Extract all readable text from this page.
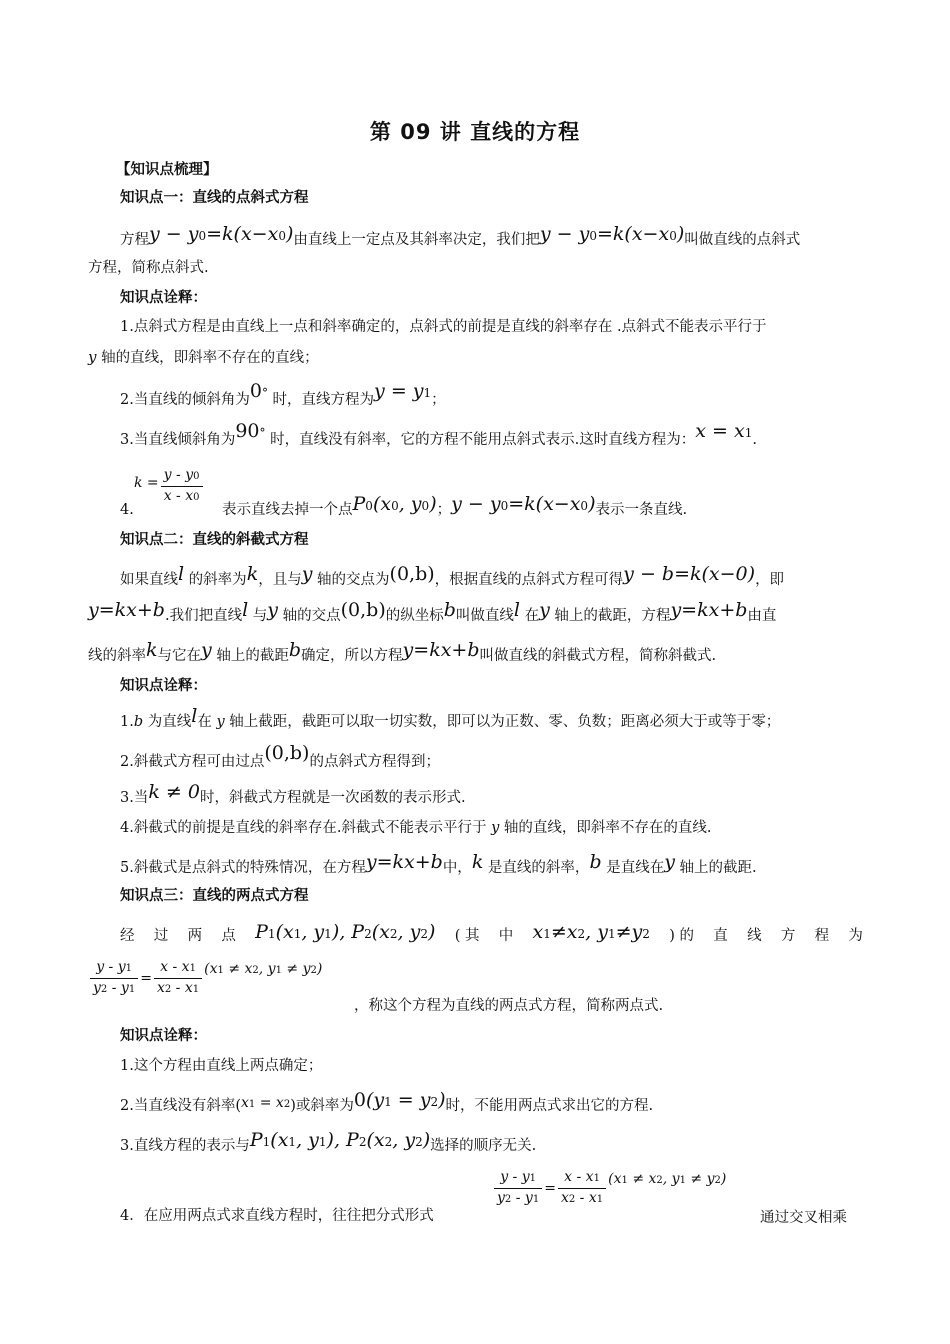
第 09 讲 直线的方程
【知识点梳理】
知识点一：直线的点斜式方程
方程y − y0=k(x−x0)由直线上一定点及其斜率决定，我们把y − y0=k(x−x0)叫做直线的点斜式
方程，简称点斜式.
知识点诠释：
1.点斜式方程是由直线上一点和斜率确定的，点斜式的前提是直线的斜率存在 .点斜式不能表示平行于
y 轴的直线，即斜率不存在的直线；
2.当直线的倾斜角为0° 时，直线方程为y = y1；
3.当直线倾斜角为90° 时，直线没有斜率，它的方程不能用点斜式表示.这时直线方程为：x = x1.
4.
$k = \frac{y - y0}{x - x0}$
表示直线去掉一个点P0(x0, y0)；y − y0=k(x−x0)表示一条直线.
知识点二：直线的斜截式方程
如果直线l 的斜率为k，且与y 轴的交点为(0,b)，根据直线的点斜式方程可得y − b=k(x−0)，即
y=kx+b.我们把直线l 与y 轴的交点(0,b)的纵坐标b叫做直线l 在y 轴上的截距，方程y=kx+b由直
线的斜率k与它在y 轴上的截距b确定，所以方程y=kx+b叫做直线的斜截式方程，简称斜截式.
知识点诠释：
1.b 为直线l在 y 轴上截距，截距可以取一切实数，即可以为正数、零、负数；距离必须大于或等于零；
2.斜截式方程可由过点(0,b)的点斜式方程得到；
3.当k ≠ 0时，斜截式方程就是一次函数的表示形式.
4.斜截式的前提是直线的斜率存在.斜截式不能表示平行于 y 轴的直线，即斜率不存在的直线.
5.斜截式是点斜式的特殊情况，在方程y=kx+b中，k 是直线的斜率，b 是直线在y 轴上的截距.
知识点三：直线的两点式方程
经 过 两 点 P1(x1, y1), P2(x2, y2) ( 其 中 x1≠x2, y1≠y2 ) 的 直 线 方 程 为
$\frac{y - y1}{y2 - y1} = \frac{x - x1}{x2 - x1} (x1 \ne x2$, y1 ≠ y2)
，称这个方程为直线的两点式方程，简称两点式.
知识点诠释：
1.这个方程由直线上两点确定；
2.当直线没有斜率(x1 = x2)或斜率为0(y1 = y2)时，不能用两点式求出它的方程.
3.直线方程的表示与P1(x1, y1), P2(x2, y2)选择的顺序无关.
4．在应用两点式求直线方程时，往往把分式形式
$\frac{y - y1}{y2 - y1} = \frac{x - x1}{x2 - x1} (x1 \ne x2$, y1 ≠ y2)
通过交叉相乘
